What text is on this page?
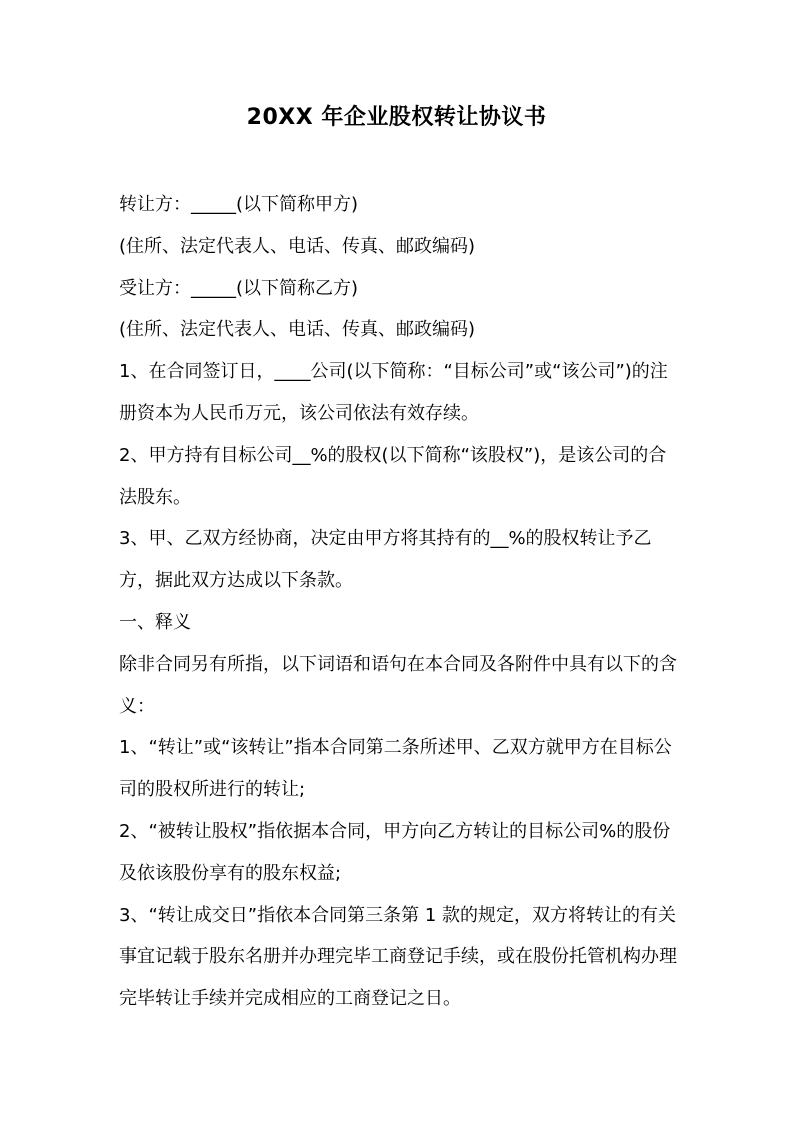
20XX 年企业股权转让协议书

转让方：_____(以下简称甲方)

(住所、法定代表人、电话、传真、邮政编码)

受让方：_____(以下简称乙方)

(住所、法定代表人、电话、传真、邮政编码)

1、在合同签订日，____公司(以下简称：“目标公司”或“该公司”)的注册资本为人民币万元，该公司依法有效存续。

2、甲方持有目标公司__%的股权(以下简称“该股权”)，是该公司的合法股东。

3、甲、乙双方经协商，决定由甲方将其持有的__%的股权转让予乙方，据此双方达成以下条款。

一、释义

除非合同另有所指，以下词语和语句在本合同及各附件中具有以下的含义：

1、“转让”或“该转让”指本合同第二条所述甲、乙双方就甲方在目标公司的股权所进行的转让;

2、“被转让股权”指依据本合同，甲方向乙方转让的目标公司%的股份及依该股份享有的股东权益;

3、“转让成交日”指依本合同第三条第 1 款的规定，双方将转让的有关事宜记载于股东名册并办理完毕工商登记手续，或在股份托管机构办理完毕转让手续并完成相应的工商登记之日。
